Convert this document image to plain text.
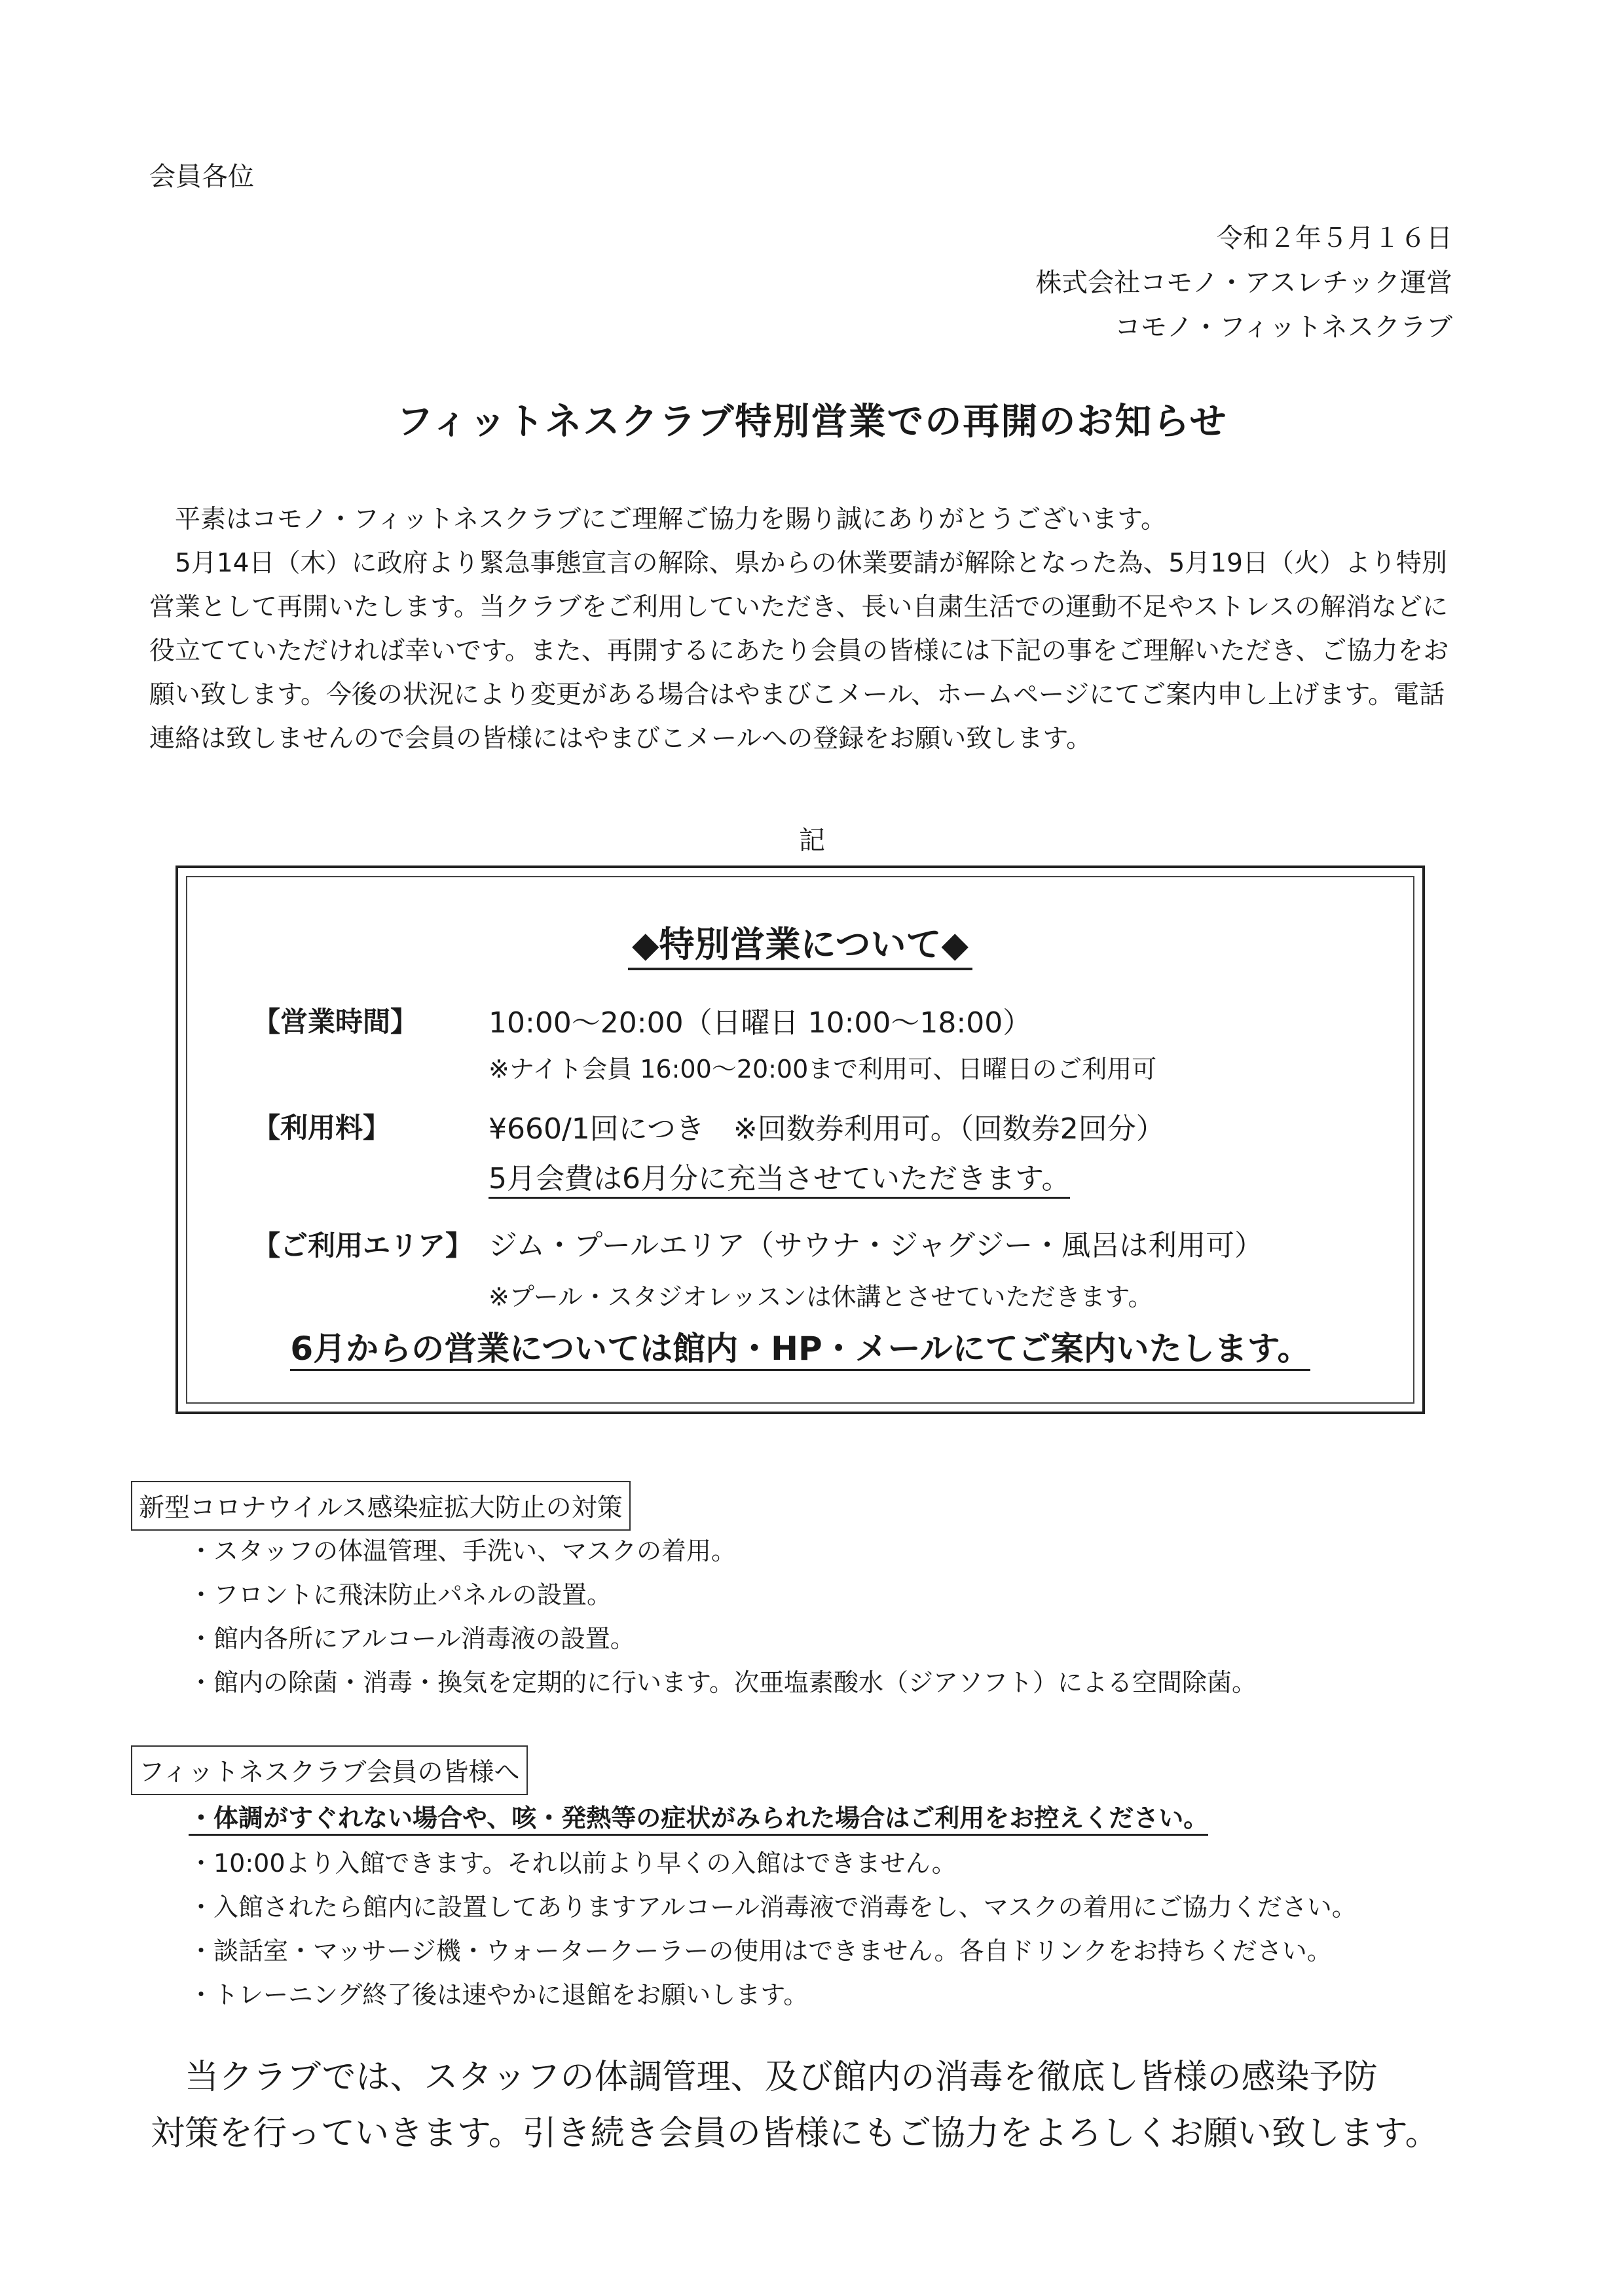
会員各位
令和２年５月１６日
株式会社コモノ・アスレチック運営
コモノ・フィットネスクラブ
フィットネスクラブ特別営業での再開のお知らせ

平素はコモノ・フィットネスクラブにご理解ご協力を賜り誠にありがとうございます。

5月14日（木）に政府より緊急事態宣言の解除、県からの休業要請が解除となった為、5月19日（火）より特別営業として再開いたします。当クラブをご利用していただき、長い自粛生活での運動不足やストレスの解消などに役立てていただければ幸いです。また、再開するにあたり会員の皆様には下記の事をご理解いただき、ご協力をお願い致します。今後の状況により変更がある場合はやまびこメール、ホームページにてご案内申し上げます。電話連絡は致しませんので会員の皆様にはやまびこメールへの登録をお願い致します。

記
◆特別営業について◆
【営業時間】 10:00～20:00（日曜日 10:00～18:00）
※ナイト会員 16:00～20:00まで利用可、日曜日のご利用可
【利用料】	¥660/1回につき　※回数券利用可。（回数券2回分）
5月会費は6月分に充当させていただきます。
【ご利用エリア】 ジム・プールエリア（サウナ・ジャグジー・風呂は利用可）
※プール・スタジオレッスンは休講とさせていただきます。
6月からの営業については館内・HP・メールにてご案内いたします。
新型コロナウイルス感染症拡大防止の対策
・スタッフの体温管理、手洗い、マスクの着用。
・フロントに飛沫防止パネルの設置。
・館内各所にアルコール消毒液の設置。
・館内の除菌・消毒・換気を定期的に行います。次亜塩素酸水（ジアソフト）による空間除菌。
フィットネスクラブ会員の皆様へ
・体調がすぐれない場合や、咳・発熱等の症状がみられた場合はご利用をお控えください。
・10:00より入館できます。それ以前より早くの入館はできません。
・入館されたら館内に設置してありますアルコール消毒液で消毒をし、マスクの着用にご協力ください。
・談話室・マッサージ機・ウォータークーラーの使用はできません。各自ドリンクをお持ちください。
・トレーニング終了後は速やかに退館をお願いします。

当クラブでは、スタッフの体調管理、及び館内の消毒を徹底し皆様の感染予防

対策を行っていきます。引き続き会員の皆様にもご協力をよろしくお願い致します。
